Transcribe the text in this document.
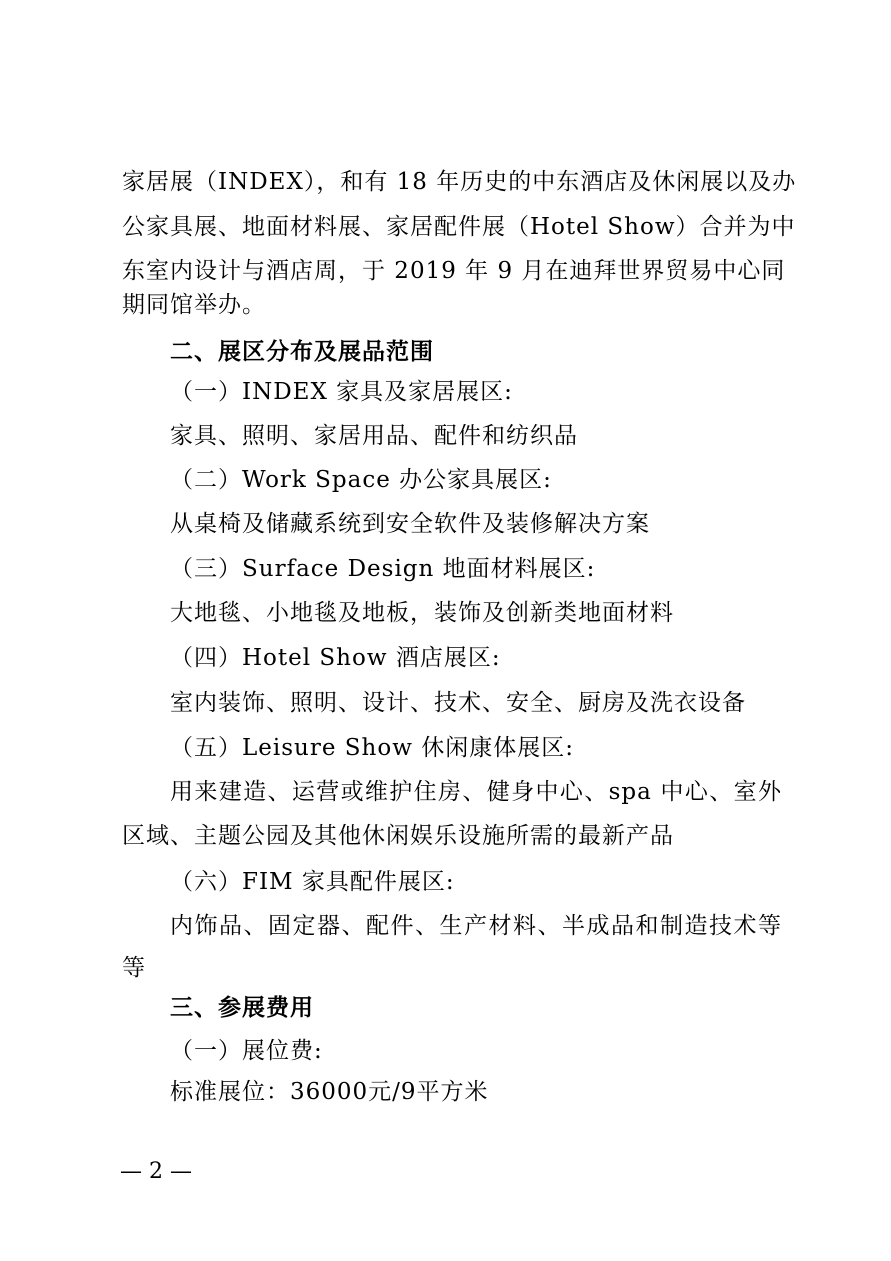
家居展（INDEX），和有 18 年历史的中东酒店及休闲展以及办
公家具展、地面材料展、家居配件展（Hotel Show）合并为中
东室内设计与酒店周，于 2019 年 9 月在迪拜世界贸易中心同
期同馆举办。
二、展区分布及展品范围
（一）INDEX 家具及家居展区:
家具、照明、家居用品、配件和纺织品
（二）Work Space 办公家具展区:
从桌椅及储藏系统到安全软件及装修解决方案
（三）Surface Design 地面材料展区:
大地毯、小地毯及地板，装饰及创新类地面材料
（四）Hotel Show 酒店展区:
室内装饰、照明、设计、技术、安全、厨房及洗衣设备
（五）Leisure Show 休闲康体展区:
用来建造、运营或维护住房、健身中心、spa 中心、室外
区域、主题公园及其他休闲娱乐设施所需的最新产品
（六）FIM 家具配件展区:
内饰品、固定器、配件、生产材料、半成品和制造技术等
等
三、参展费用
（一）展位费:
标准展位：36000元/9平方米
— 2 —
